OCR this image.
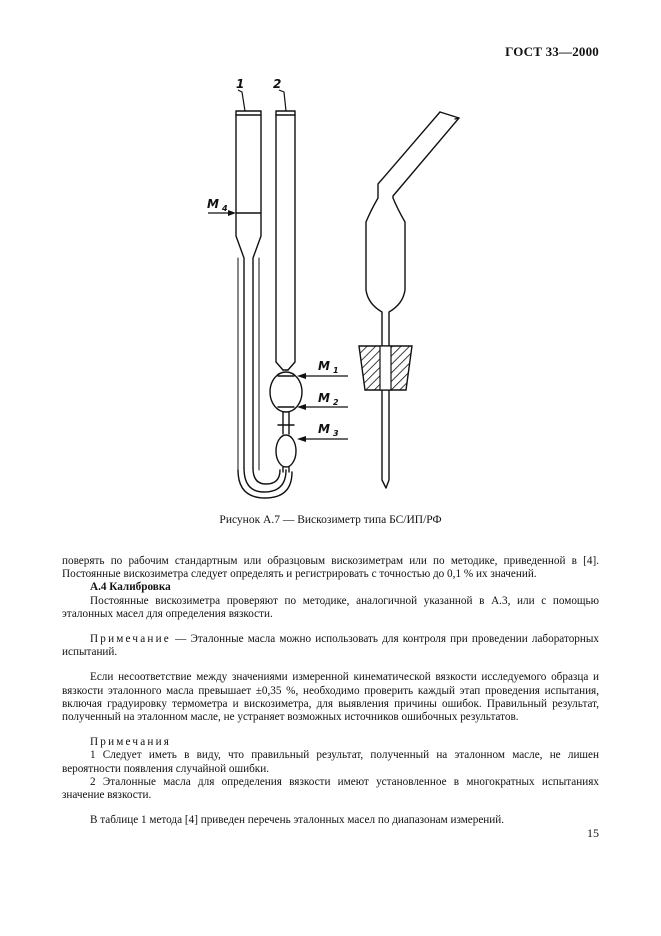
ГОСТ 33—2000
1 2
M 4
M 1
M 2
M 3
Рисунок А.7 — Вискозиметр типа БС/ИП/РФ

поверять по рабочим стандартным или образцовым вискозиметрам или по методике, приведенной в [4]. Постоянные вискозиметра следует определять и регистрировать с точностью до 0,1 % их значений.

А.4 Калибровка

Постоянные вискозиметра проверяют по методике, аналогичной указанной в А.3, или с помощью эталонных масел для определения вязкости.

Примечание — Эталонные масла можно использовать для контроля при проведении лабораторных испытаний.

Если несоответствие между значениями измеренной кинематической вязкости исследуемого образца и вязкости эталонного масла превышает ±0,35 %, необходимо проверить каждый этап проведения испытания, включая градуировку термометра и вискозиметра, для выявления причины ошибок. Правильный результат, полученный на эталонном масле, не устраняет возможных источников ошибочных результатов.

Примечания

1 Следует иметь в виду, что правильный результат, полученный на эталонном масле, не лишен вероятности появления случайной ошибки.

2 Эталонные масла для определения вязкости имеют установленное в многократных испытаниях значение вязкости.

В таблице 1 метода [4] приведен перечень эталонных масел по диапазонам измерений.

15
